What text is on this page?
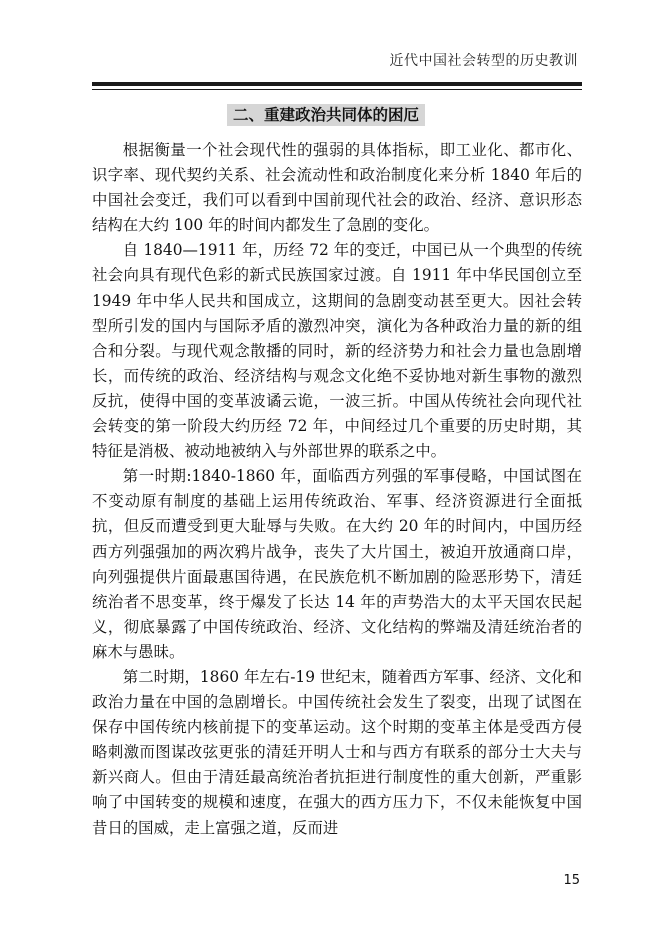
近代中国社会转型的历史教训
二、重建政治共同体的困厄

根据衡量一个社会现代性的强弱的具体指标，即工业化、都市化、识字率、现代契约关系、社会流动性和政治制度化来分析 1840 年后的中国社会变迁，我们可以看到中国前现代社会的政治、经济、意识形态结构在大约 100 年的时间内都发生了急剧的变化。

自 1840—1911 年，历经 72 年的变迁，中国已从一个典型的传统社会向具有现代色彩的新式民族国家过渡。自 1911 年中华民国创立至 1949 年中华人民共和国成立，这期间的急剧变动甚至更大。因社会转型所引发的国内与国际矛盾的激烈冲突，演化为各种政治力量的新的组合和分裂。与现代观念散播的同时，新的经济势力和社会力量也急剧增长，而传统的政治、经济结构与观念文化绝不妥协地对新生事物的激烈反抗，使得中国的变革波谲云诡，一波三折。中国从传统社会向现代社会转变的第一阶段大约历经 72 年，中间经过几个重要的历史时期，其特征是消极、被动地被纳入与外部世界的联系之中。

第一时期:1840-1860 年，面临西方列强的军事侵略，中国试图在不变动原有制度的基础上运用传统政治、军事、经济资源进行全面抵抗，但反而遭受到更大耻辱与失败。在大约 20 年的时间内，中国历经西方列强强加的两次鸦片战争，丧失了大片国土，被迫开放通商口岸，向列强提供片面最惠国待遇，在民族危机不断加剧的险恶形势下，清廷统治者不思变革，终于爆发了长达 14 年的声势浩大的太平天国农民起义，彻底暴露了中国传统政治、经济、文化结构的弊端及清廷统治者的麻木与愚昧。

第二时期，1860 年左右-19 世纪末，随着西方军事、经济、文化和政治力量在中国的急剧增长。中国传统社会发生了裂变，出现了试图在保存中国传统内核前提下的变革运动。这个时期的变革主体是受西方侵略刺激而图谋改弦更张的清廷开明人士和与西方有联系的部分士大夫与新兴商人。但由于清廷最高统治者抗拒进行制度性的重大创新，严重影响了中国转变的规模和速度，在强大的西方压力下，不仅未能恢复中国昔日的国威，走上富强之道，反而进

15
